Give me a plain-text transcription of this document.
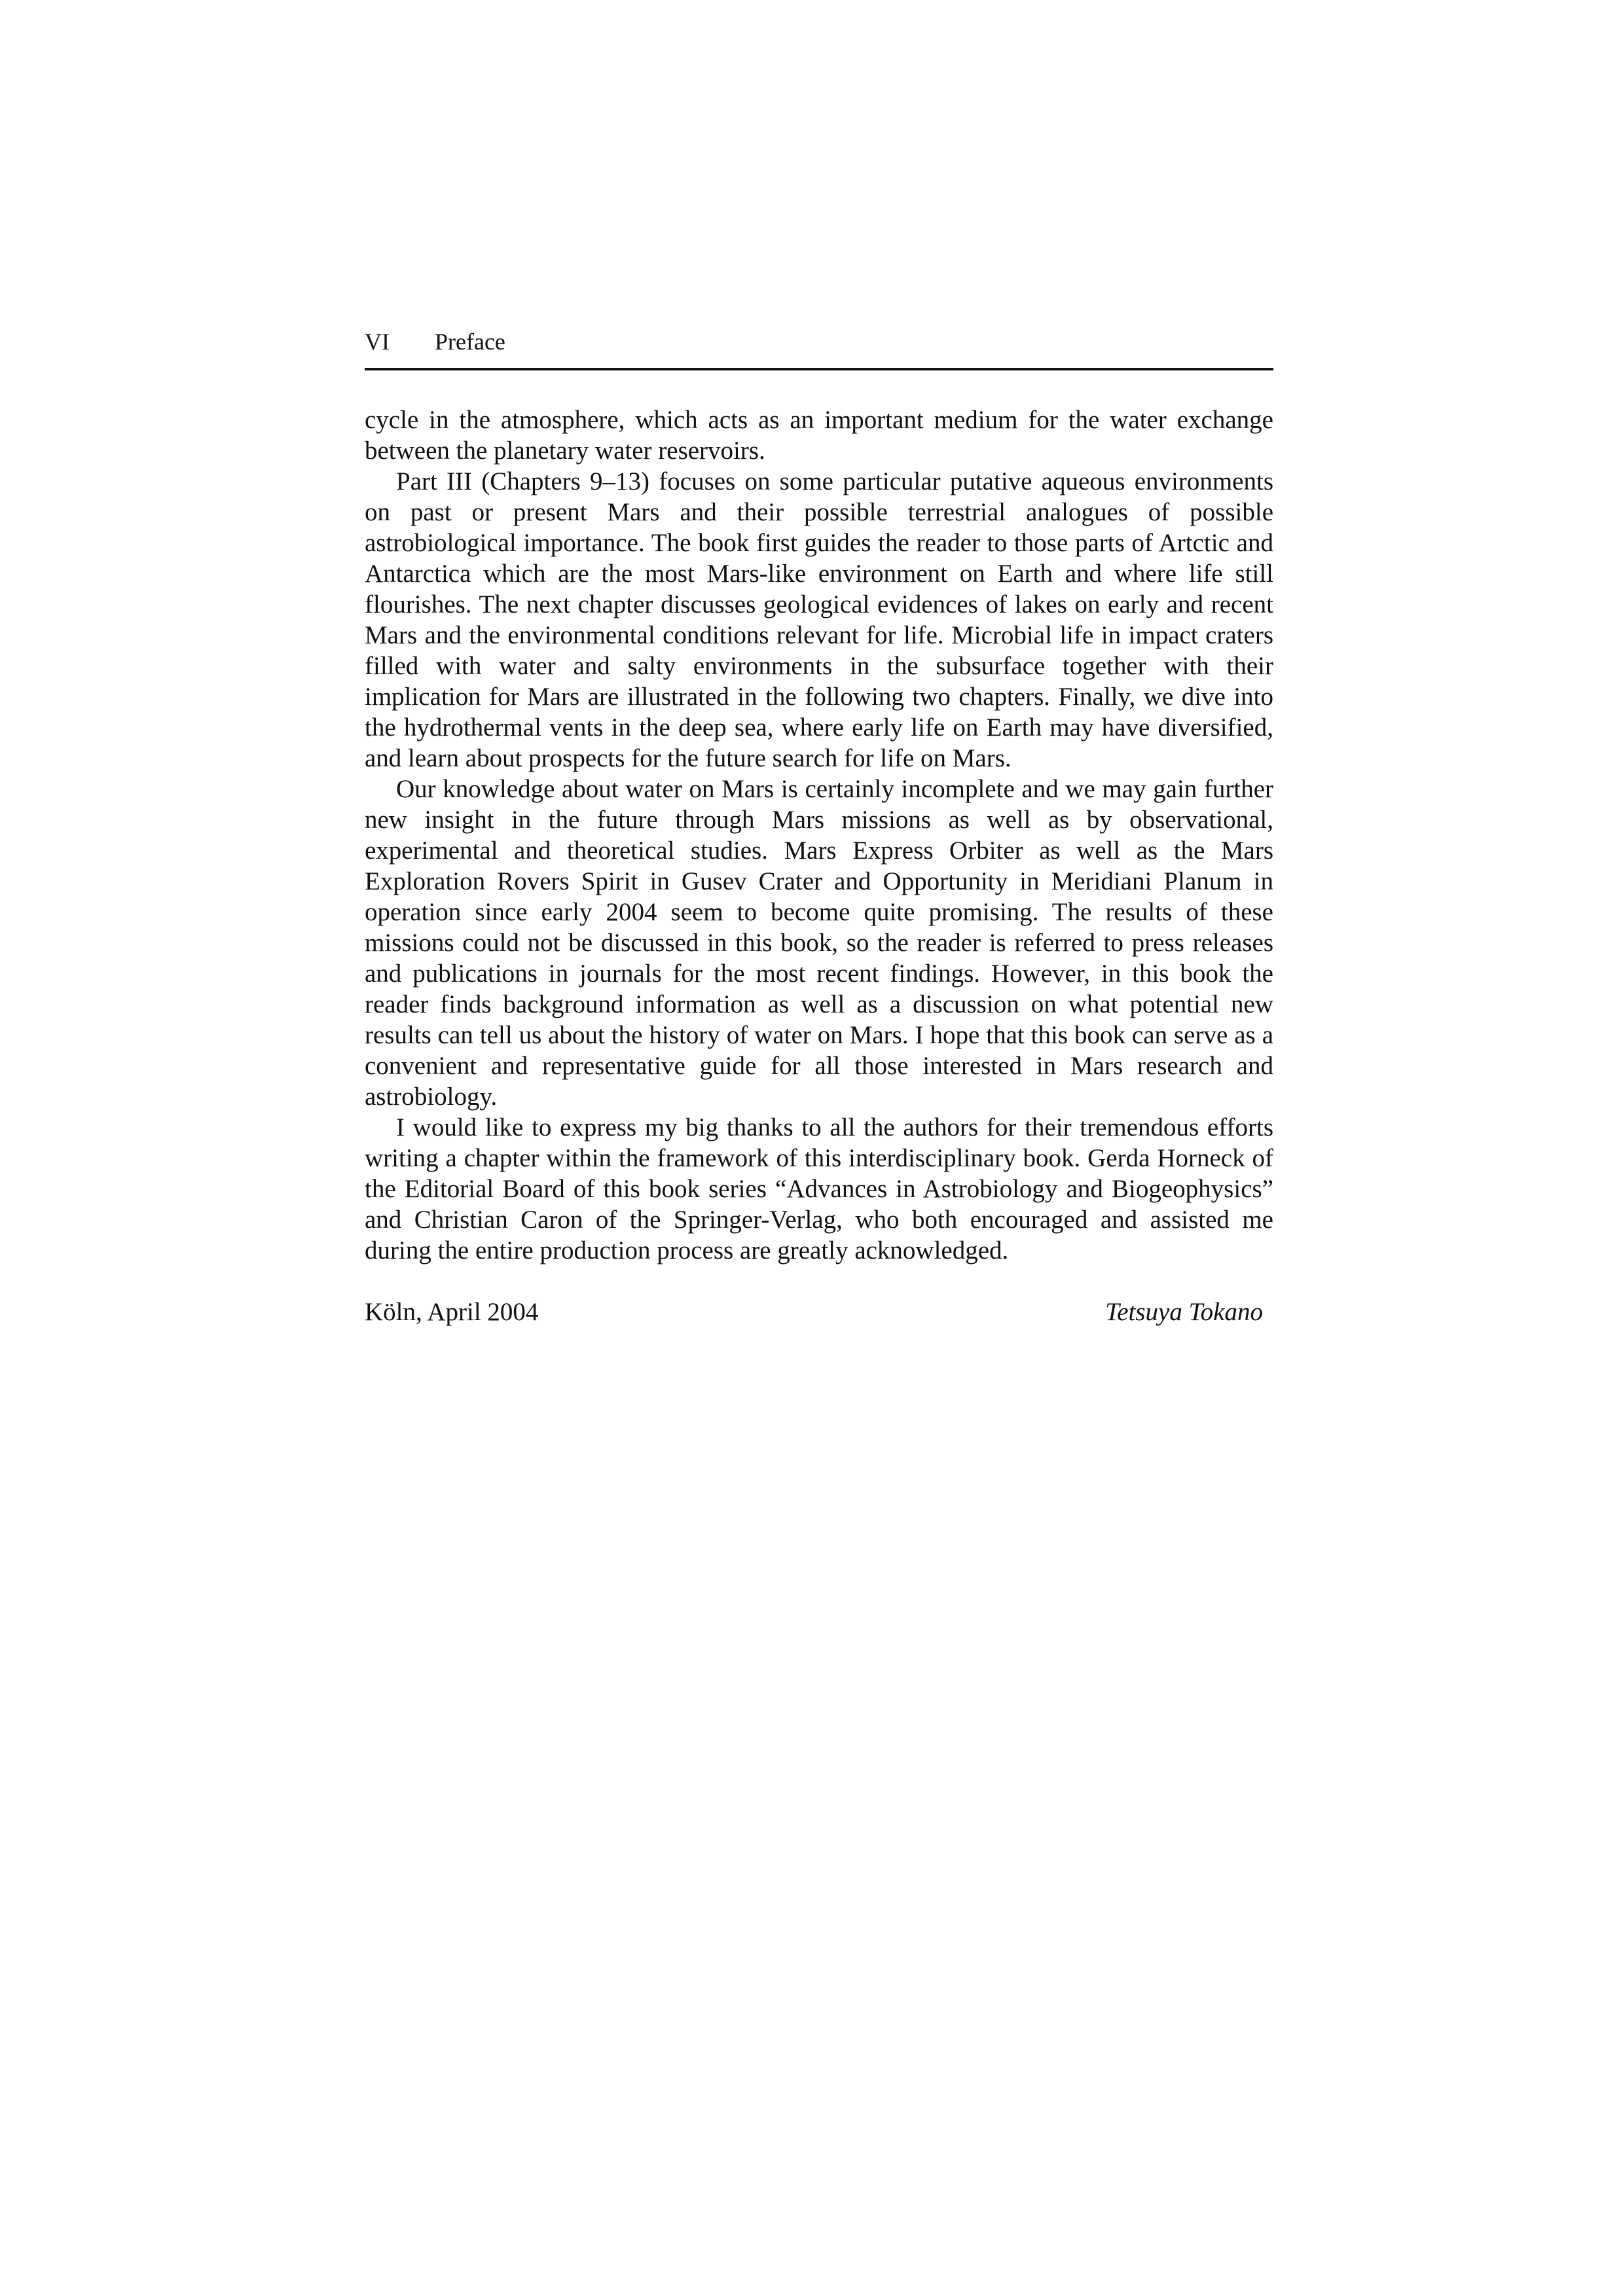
VI	Preface

cycle in the atmosphere, which acts as an important medium for the water exchange between the planetary water reservoirs.

Part III (Chapters 9–13) focuses on some particular putative aqueous environments on past or present Mars and their possible terrestrial analogues of possible astrobiological importance. The book first guides the reader to those parts of Artctic and Antarctica which are the most Mars-like environment on Earth and where life still flourishes. The next chapter discusses geological evidences of lakes on early and recent Mars and the environmental conditions relevant for life. Microbial life in impact craters filled with water and salty environments in the subsurface together with their implication for Mars are illustrated in the following two chapters. Finally, we dive into the hydrothermal vents in the deep sea, where early life on Earth may have diversified, and learn about prospects for the future search for life on Mars.

Our knowledge about water on Mars is certainly incomplete and we may gain further new insight in the future through Mars missions as well as by observational, experimental and theoretical studies. Mars Express Orbiter as well as the Mars Exploration Rovers Spirit in Gusev Crater and Opportunity in Meridiani Planum in operation since early 2004 seem to become quite promising. The results of these missions could not be discussed in this book, so the reader is referred to press releases and publications in journals for the most recent findings. However, in this book the reader finds background information as well as a discussion on what potential new results can tell us about the history of water on Mars. I hope that this book can serve as a convenient and representative guide for all those interested in Mars research and astrobiology.

I would like to express my big thanks to all the authors for their tremendous efforts writing a chapter within the framework of this interdisciplinary book. Gerda Horneck of the Editorial Board of this book series “Advances in Astrobiology and Biogeophysics” and Christian Caron of the Springer-Verlag, who both encouraged and assisted me during the entire production process are greatly acknowledged.

Köln, April 2004	Tetsuya Tokano
